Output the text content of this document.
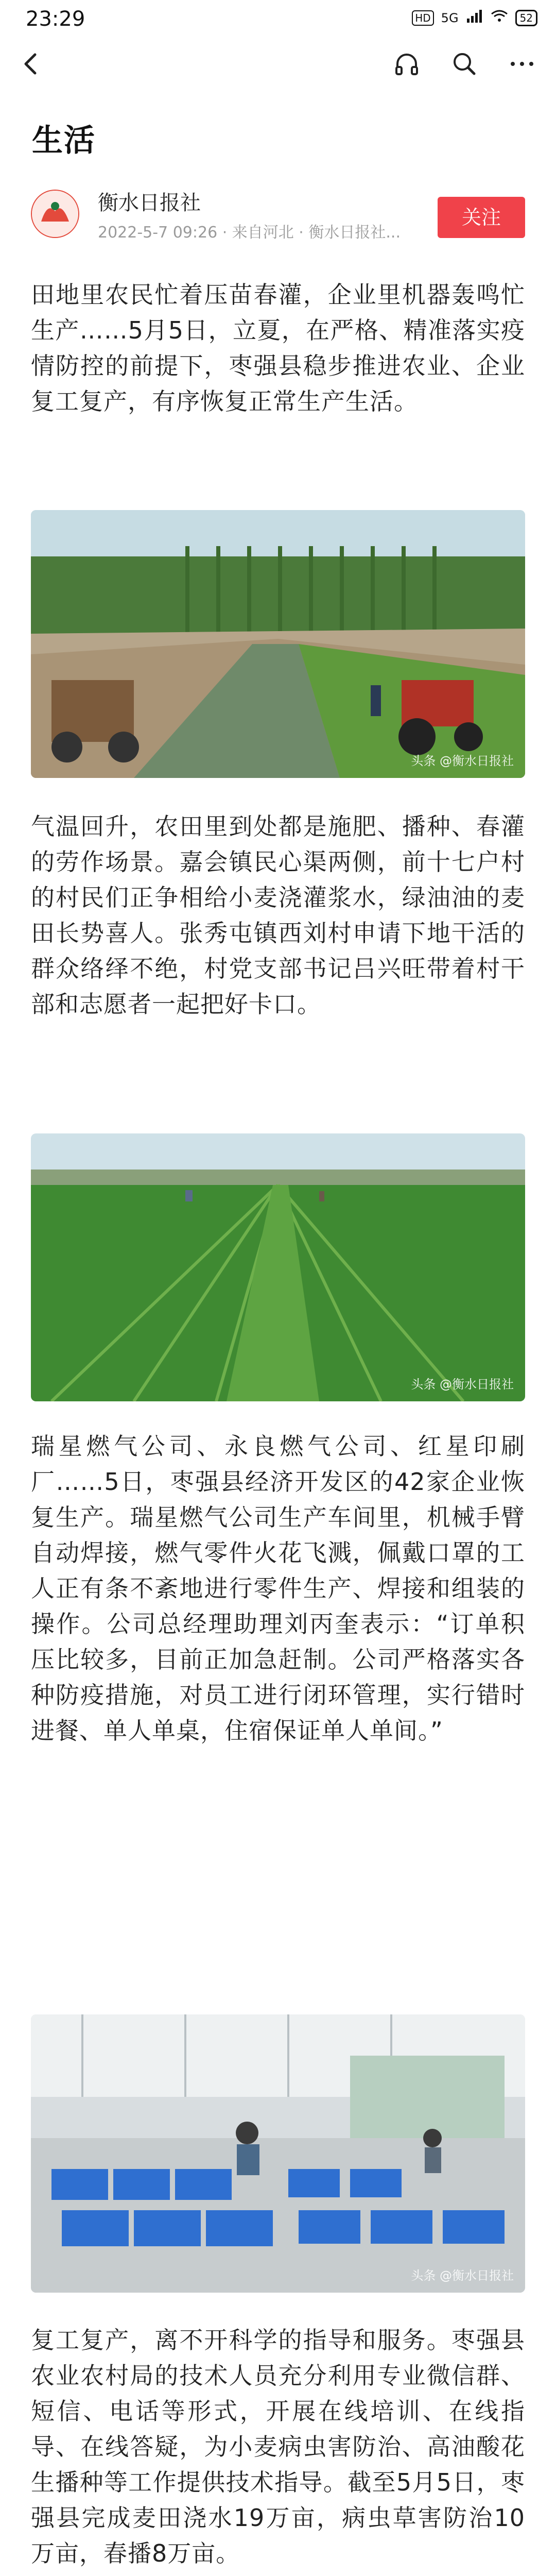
23:29	HD 5G	52
生活
衡水日报社
2022-5-7 09:26 · 来自河北 · 衡水日报社...
关注

田地里农民忙着压苗春灌，企业里机器轰鸣忙生产……5月5日，立夏，在严格、精准落实疫情防控的前提下，枣强县稳步推进农业、企业复工复产，有序恢复正常生产生活。

头条 @衡水日报社

气温回升，农田里到处都是施肥、播种、春灌的劳作场景。嘉会镇民心渠两侧，前十七户村的村民们正争相给小麦浇灌浆水，绿油油的麦田长势喜人。张秀屯镇西刘村申请下地干活的群众络绎不绝，村党支部书记吕兴旺带着村干部和志愿者一起把好卡口。

头条 @衡水日报社

瑞星燃气公司、永良燃气公司、红星印刷厂……5日，枣强县经济开发区的42家企业恢复生产。瑞星燃气公司生产车间里，机械手臂自动焊接，燃气零件火花飞溅，佩戴口罩的工人正有条不紊地进行零件生产、焊接和组装的操作。公司总经理助理刘丙奎表示：“订单积压比较多，目前正加急赶制。公司严格落实各种防疫措施，对员工进行闭环管理，实行错时进餐、单人单桌，住宿保证单人单间。”

头条 @衡水日报社

复工复产，离不开科学的指导和服务。枣强县农业农村局的技术人员充分利用专业微信群、短信、电话等形式，开展在线培训、在线指导、在线答疑，为小麦病虫害防治、高油酸花生播种等工作提供技术指导。截至5月5日，枣强县完成麦田浇水19万亩，病虫草害防治10万亩，春播8万亩。
